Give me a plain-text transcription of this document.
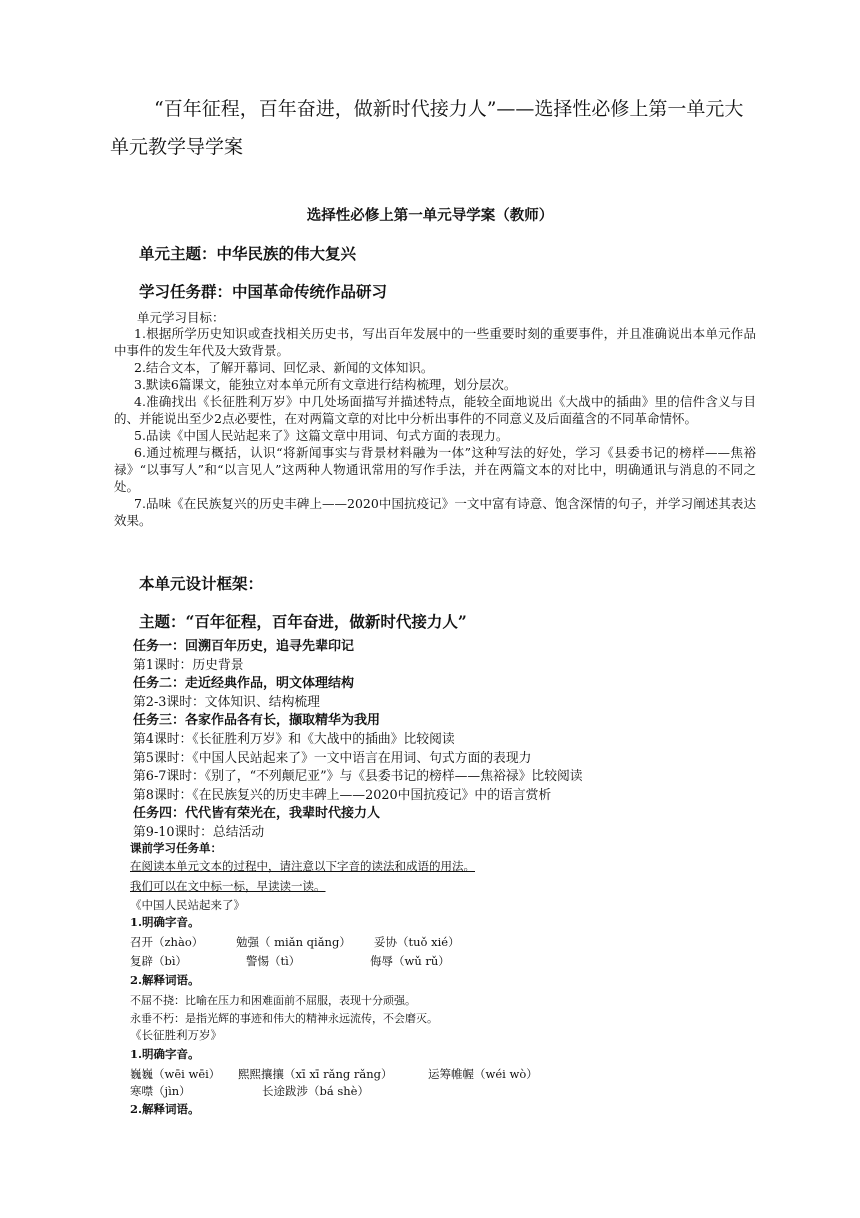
“百年征程，百年奋进，做新时代接力人”——选择性必修上第一单元大单元教学导学案
选择性必修上第一单元导学案（教师）

单元主题：中华民族的伟大复兴

学习任务群：中国革命传统作品研习

单元学习目标：

1.根据所学历史知识或查找相关历史书，写出百年发展中的一些重要时刻的重要事件，并且准确说出本单元作品中事件的发生年代及大致背景。
2.结合文本，了解开幕词、回忆录、新闻的文体知识。
3.默读6篇课文，能独立对本单元所有文章进行结构梳理，划分层次。
4.准确找出《长征胜利万岁》中几处场面描写并描述特点，能较全面地说出《大战中的插曲》里的信件含义与目的、并能说出至少2点必要性，在对两篇文章的对比中分析出事件的不同意义及后面蕴含的不同革命情怀。
5.品读《中国人民站起来了》这篇文章中用词、句式方面的表现力。
6.通过梳理与概括，认识“将新闻事实与背景材料融为一体”这种写法的好处，学习《县委书记的榜样——焦裕禄》“以事写人”和“以言见人”这两种人物通讯常用的写作手法，并在两篇文本的对比中，明确通讯与消息的不同之处。
7.品味《在民族复兴的历史丰碑上——2020中国抗疫记》一文中富有诗意、饱含深情的句子，并学习阐述其表达效果。

本单元设计框架：

主题：“百年征程，百年奋进，做新时代接力人”

任务一：回溯百年历史，追寻先辈印记
第1课时：历史背景
任务二：走近经典作品，明文体理结构
第2-3课时：文体知识、结构梳理
任务三：各家作品各有长，撷取精华为我用
第4课时：《长征胜利万岁》和《大战中的插曲》比较阅读
第5课时：《中国人民站起来了》一文中语言在用词、句式方面的表现力
第6-7课时：《别了，“不列颠尼亚”》与《县委书记的榜样——焦裕禄》比较阅读
第8课时：《在民族复兴的历史丰碑上——2020中国抗疫记》中的语言赏析
任务四：代代皆有荣光在，我辈时代接力人
第9-10课时：总结活动
课前学习任务单：
在阅读本单元文本的过程中，请注意以下字音的读法和成语的用法。
我们可以在文中标一标，早读读一读。
《中国人民站起来了》

1.明确字音。

召开（zhào）	勉强（ miǎn qiǎng） 妥协（tuǒ xié）

复辟（bì）	警惕（tì）	侮辱（wǔ rǔ）

2.解释词语。

不屈不挠：比喻在压力和困难面前不屈服，表现十分顽强。

永垂不朽：是指光辉的事迹和伟大的精神永远流传，不会磨灭。

《长征胜利万岁》

1.明确字音。

巍巍（wēi wēi） 熙熙攘攘（xī xī rǎng rǎng）	运筹帷幄（wéi wò）

寒噤（jìn）	长途跋涉（bá shè）

2.解释词语。
